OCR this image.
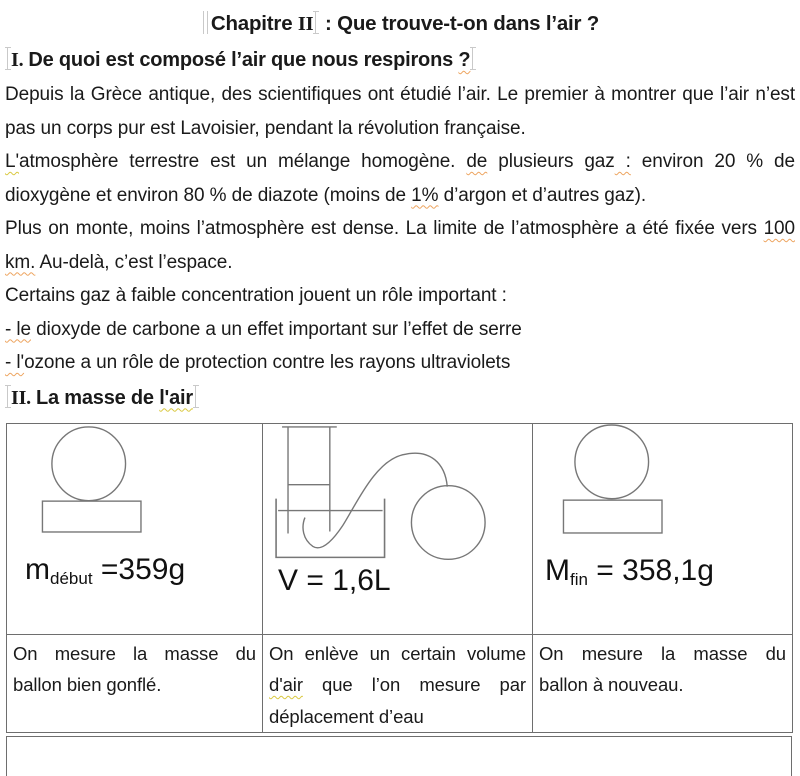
Chapitre II : Que trouve-t-on dans l’air ?
I. De quoi est composé l’air que nous respirons ?

Depuis la Grèce antique, des scientifiques ont étudié l’air. Le premier à montrer que l’air n’est pas un corps pur est Lavoisier, pendant la révolution française.

L'atmosphère terrestre est un mélange homogène. de plusieurs gaz : environ 20 % de dioxygène et environ 80 % de diazote (moins de 1% d’argon et d’autres gaz).

Plus on monte, moins l’atmosphère est dense. La limite de l’atmosphère a été fixée vers 100 km. Au-delà, c’est l’espace.

Certains gaz à faible concentration jouent un rôle important :

- le dioxyde de carbone a un effet important sur l’effet de serre

- l'ozone a un rôle de protection contre les rayons ultraviolets

II. La masse de l'air
$m_{début} =359g$	V = 1,6L	$M_{fin} = 358,1g$

On mesure la masse du ballon bien gonflé.	On enlève un certain volume d'air que l’on mesure par déplacement d’eau	On mesure la masse du ballon à nouveau.
